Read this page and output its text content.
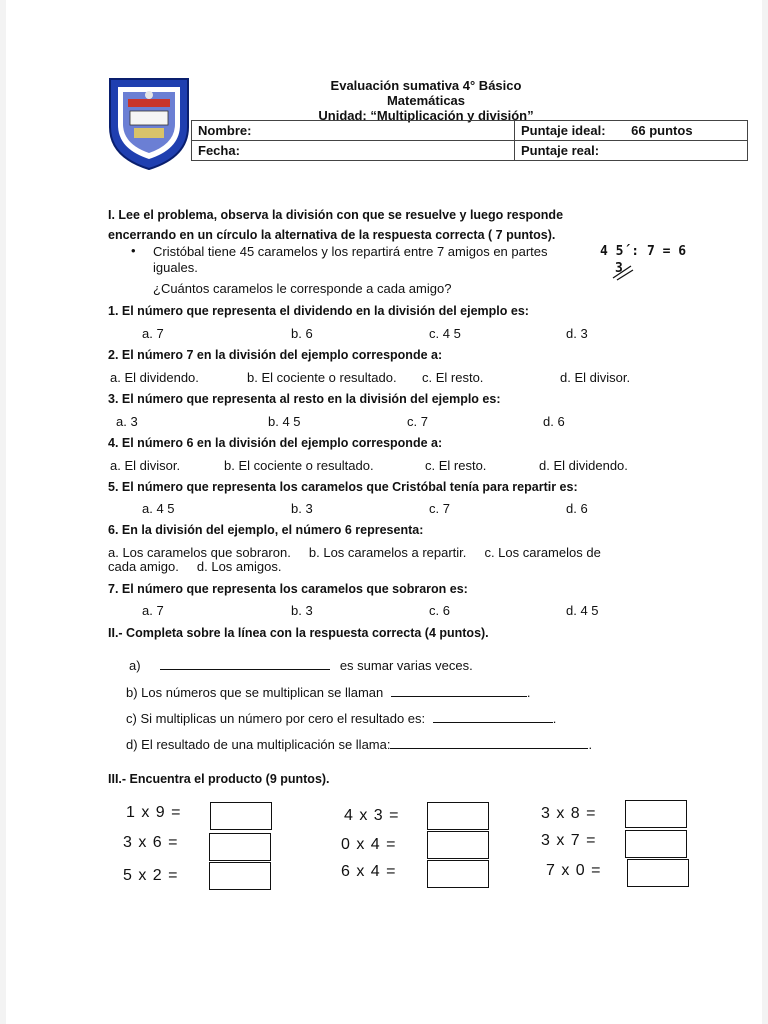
Evaluación sumativa 4° Básico
Matemáticas
Unidad: “Multiplicación y división”
Nombre:	Puntaje ideal: 66 puntos
Fecha:	Puntaje real:
I. Lee el problema, observa la división con que se resuelve y luego responde
encerrando en un círculo la alternativa de la respuesta correcta ( 7 puntos).
• Cristóbal tiene 45 caramelos y los repartirá entre 7 amigos en partes
iguales.
4 5´: 7 = 6
3
¿Cuántos caramelos le corresponde a cada amigo?
1. El número que representa el dividendo en la división del ejemplo es:
a. 7	b. 6	c. 4 5	d. 3
2. El número 7 en la división del ejemplo corresponde a:
a. El dividendo.	b. El cociente o resultado. c. El resto.	d. El divisor.
3. El número que representa al resto en la división del ejemplo es:
a. 3	b. 4 5	c. 7	d. 6
4. El número 6 en la división del ejemplo corresponde a:
a. El divisor.	b. El cociente o resultado.	c. El resto.	d. El dividendo.
5. El número que representa los caramelos que Cristóbal tenía para repartir es:
a. 4 5	b. 3	c. 7	d. 6
6. En la división del ejemplo, el número 6 representa:
a. Los caramelos que sobraron.     b. Los caramelos a repartir.     c. Los caramelos de
cada amigo.     d. Los amigos.
7. El número que representa los caramelos que sobraron es:
a. 7	b. 3	c. 6	d. 4 5
II.- Completa sobre la línea con la respuesta correcta (4 puntos).
a)	es sumar varias veces.
b) Los números que se multiplican se llaman	.
c) Si multiplicas un número por cero el resultado es:	.
d) El resultado de una multiplicación se llama:	.
III.- Encuentra el producto (9 puntos).
1 x 9 =	4 x 3 =	3 x 8 =
3 x 6 =	0 x 4 =	3 x 7 =
5 x 2 =	6 x 4 =	7 x 0 =
